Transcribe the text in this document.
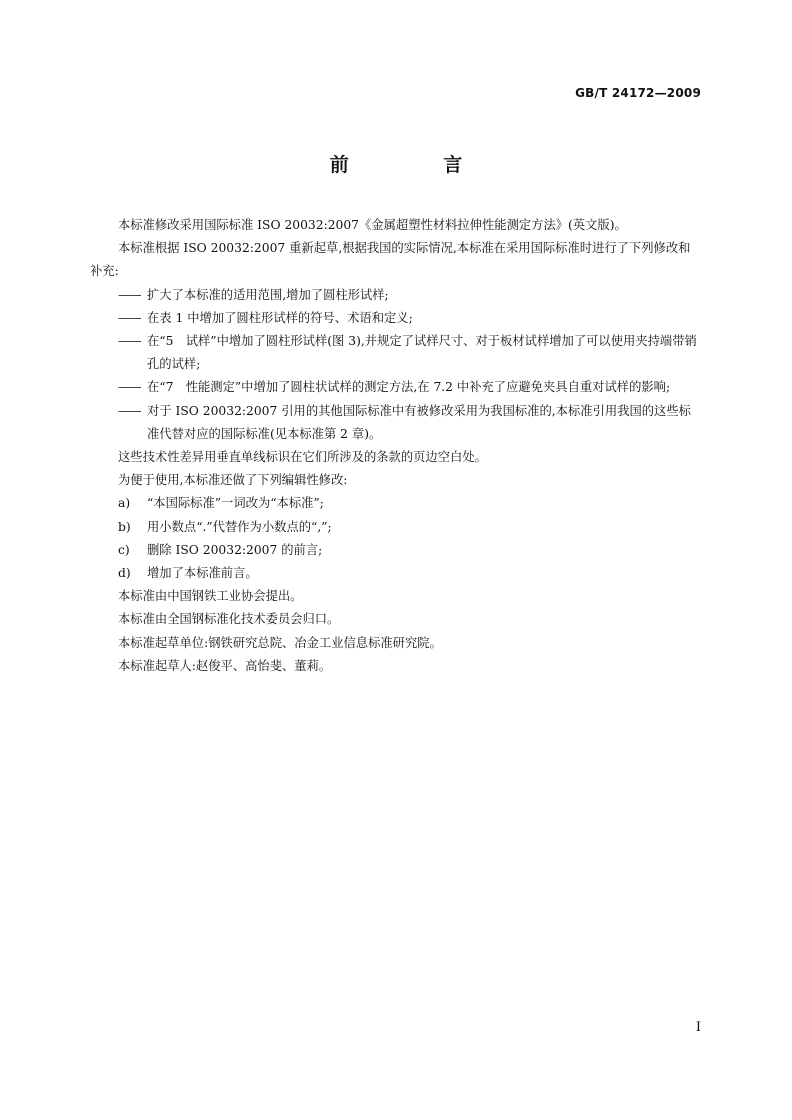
GB/T 24172—2009
前 言

本标准修改采用国际标准 ISO 20032:2007《金属超塑性材料拉伸性能测定方法》(英文版)。

本标准根据 ISO 20032:2007 重新起草,根据我国的实际情况,本标准在采用国际标准时进行了下列修改和补充:

—— 扩大了本标准的适用范围,增加了圆柱形试样;

—— 在表 1 中增加了圆柱形试样的符号、术语和定义;

—— 在“5　试样”中增加了圆柱形试样(图 3),并规定了试样尺寸、对于板材试样增加了可以使用夹持端带销孔的试样;

—— 在“7　性能测定”中增加了圆柱状试样的测定方法,在 7.2 中补充了应避免夹具自重对试样的影响;

—— 对于 ISO 20032:2007 引用的其他国际标准中有被修改采用为我国标准的,本标准引用我国的这些标准代替对应的国际标准(见本标准第 2 章)。

这些技术性差异用垂直单线标识在它们所涉及的条款的页边空白处。

为便于使用,本标准还做了下列编辑性修改:

a) “本国际标准”一词改为“本标准”;

b) 用小数点“.”代替作为小数点的“,”;

c) 删除 ISO 20032:2007 的前言;

d) 增加了本标准前言。

本标准由中国钢铁工业协会提出。

本标准由全国钢标准化技术委员会归口。

本标准起草单位:钢铁研究总院、冶金工业信息标准研究院。

本标准起草人:赵俊平、高怡斐、董莉。

I
